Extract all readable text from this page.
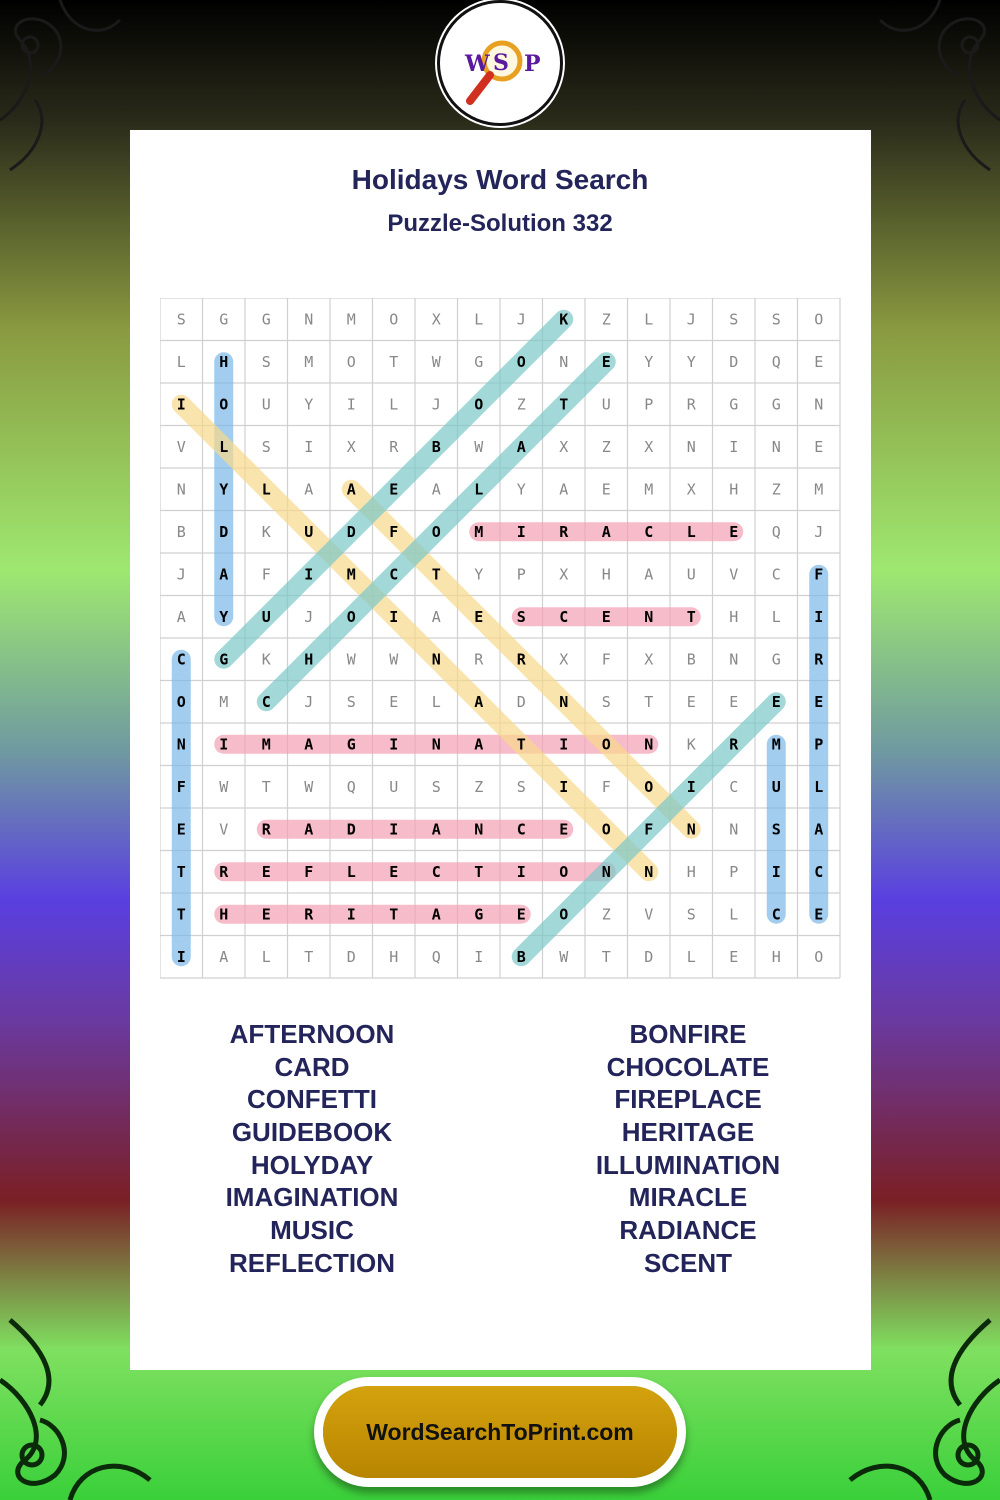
W S P
Holidays Word Search
Puzzle-Solution 332
S G G N M O X L J K Z L J S S O
L H S M O T W G O N E Y Y D Q E
I O U Y I L J O Z T U P R G G N
V L S I X R B W A X Z X N I N E
N Y L A A E A L Y A E M X H Z M
B D K U D F O M I R A C L E Q J
J A F I M C T Y P X H A U V C F
A Y U J O I A E S C E N T H L I
C G K H W W N R R X F X B N G R
O M C J S E L A D N S T E E E E
N I M A G I N A T I O N K R M P
F W T W Q U S Z S I F O I C U L
E V R A D I A N C E O F N N S A
T R E F L E C T I O N N H P I C
T H E R I T A G E O Z V S L C E
I A L T D H Q I B W T D L E H O
AFTERNOON
CARD
CONFETTI
GUIDEBOOK
HOLYDAY
IMAGINATION
MUSIC
REFLECTION
BONFIRE
CHOCOLATE
FIREPLACE
HERITAGE
ILLUMINATION
MIRACLE
RADIANCE
SCENT
WordSearchToPrint.com
